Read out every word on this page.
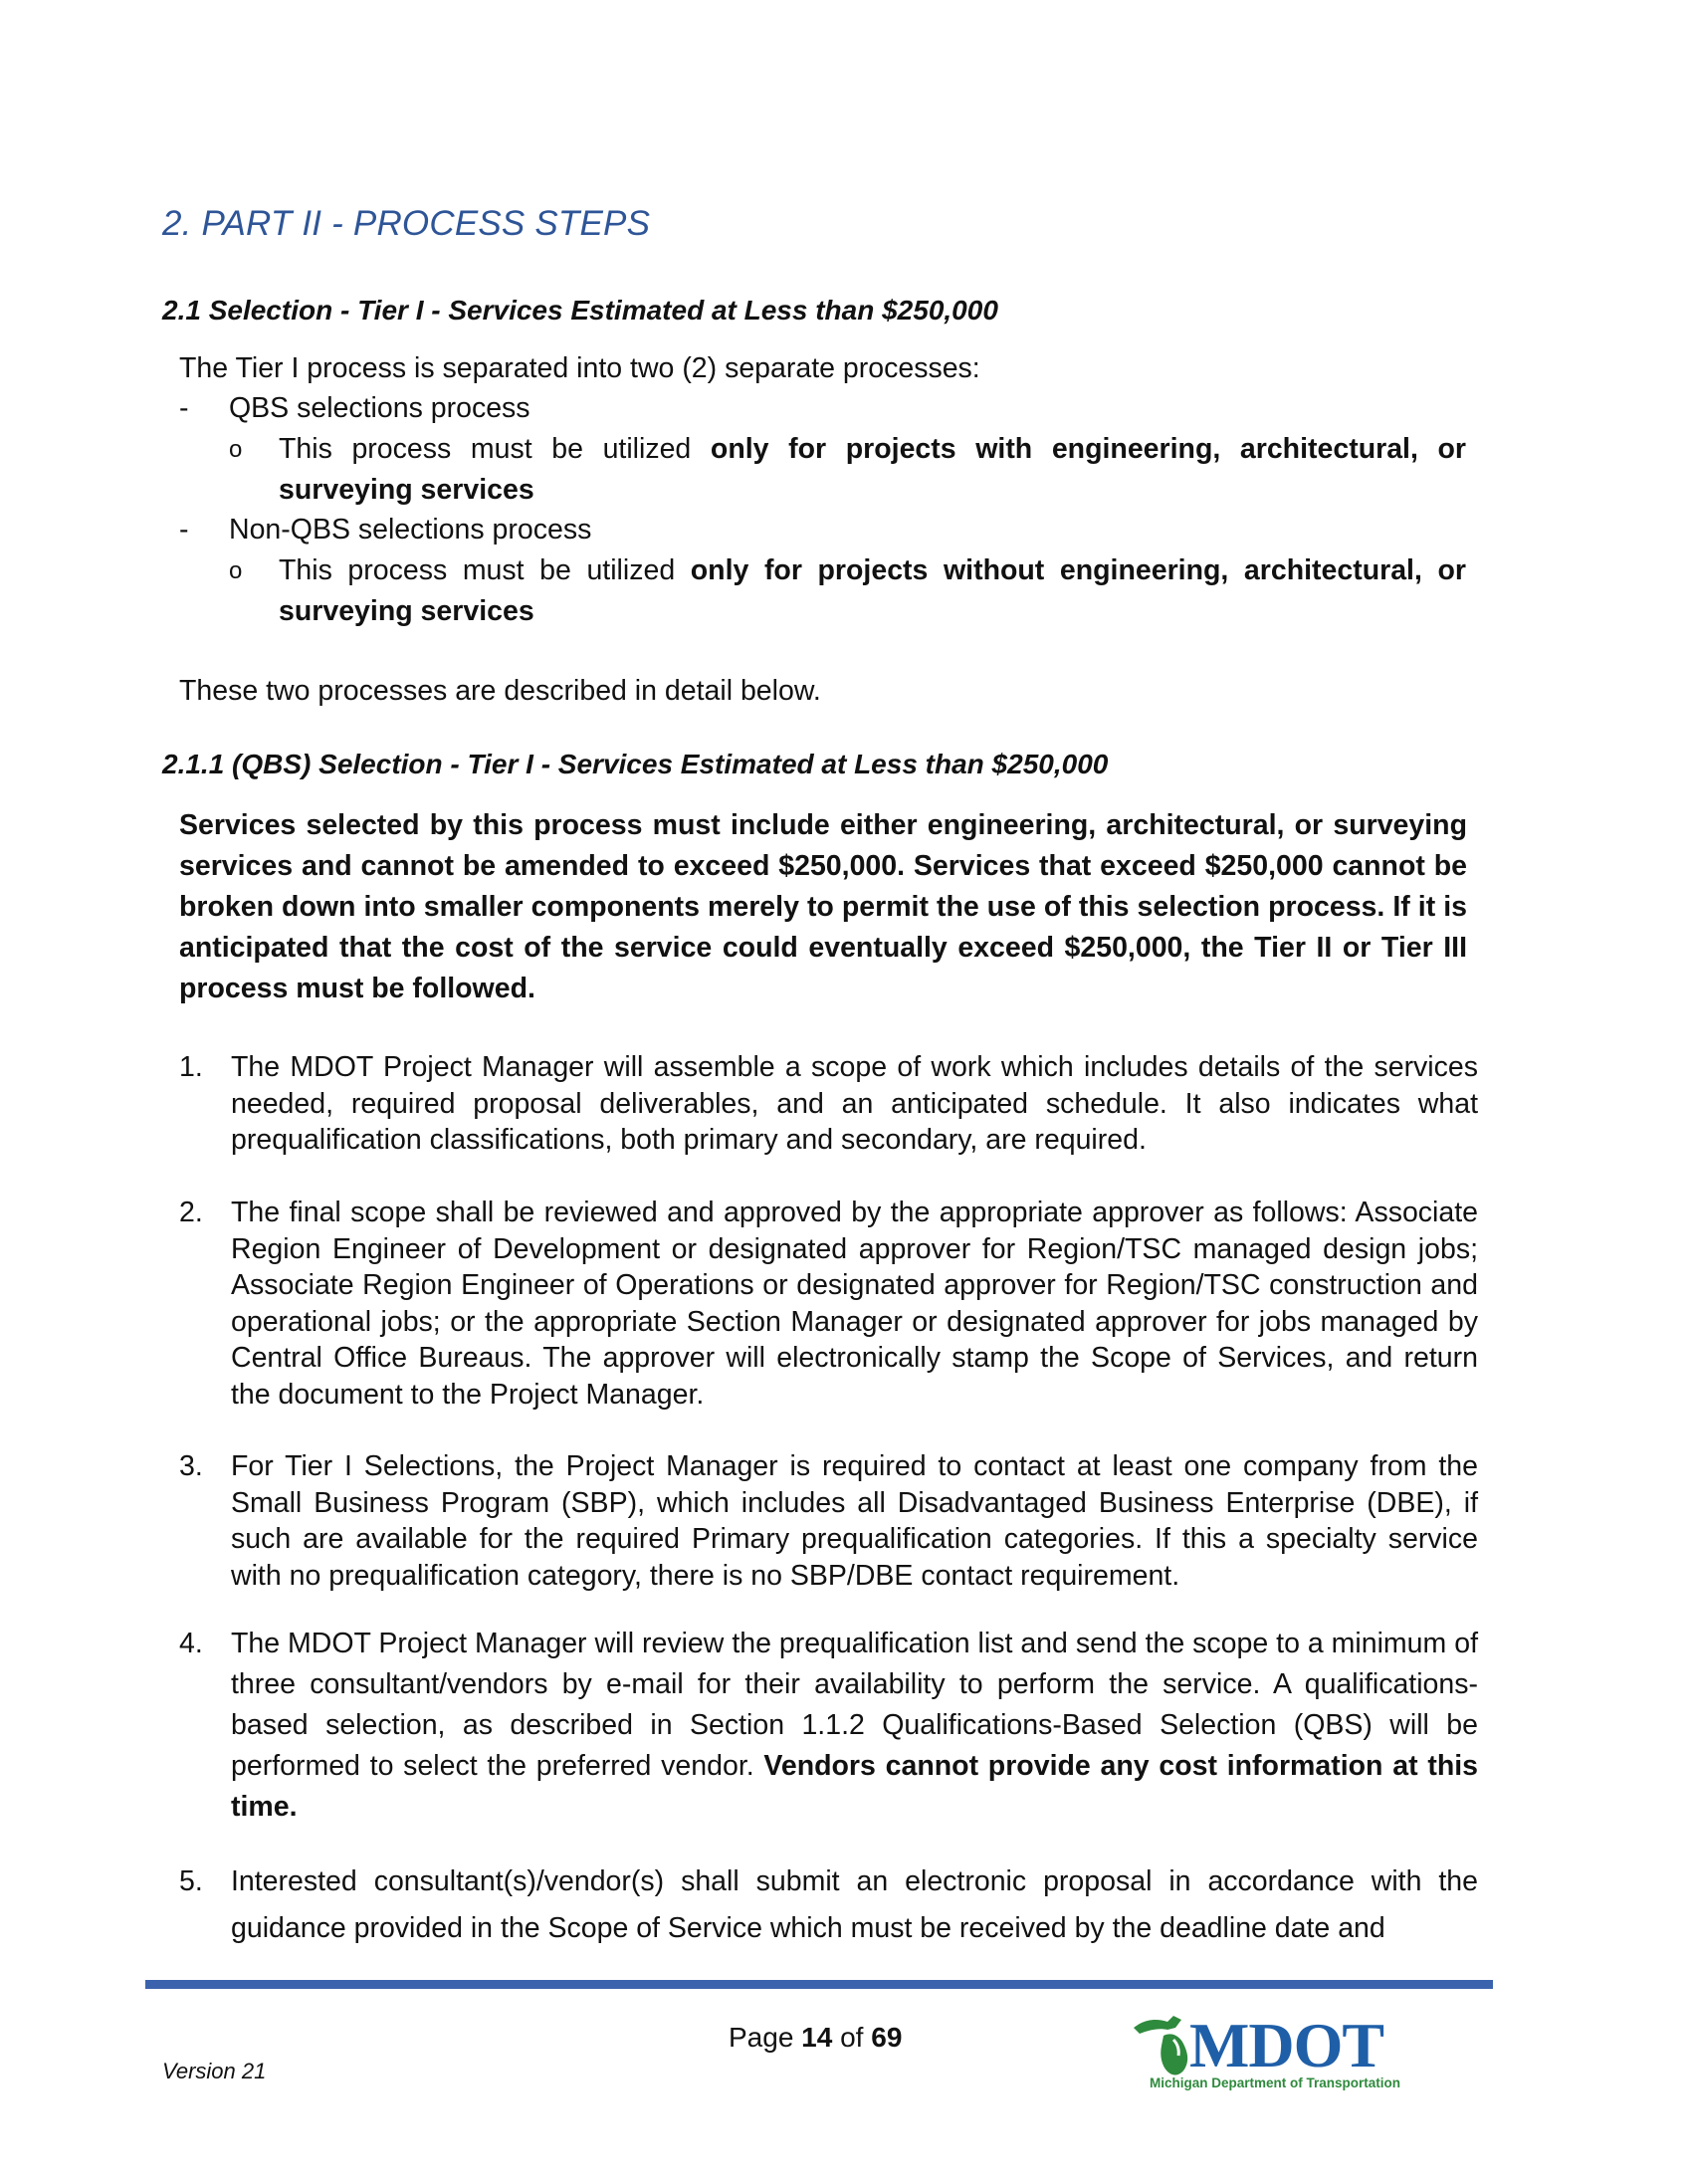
2. PART II - PROCESS STEPS
2.1 Selection - Tier I - Services Estimated at Less than $250,000
The Tier I process is separated into two (2) separate processes:
- QBS selections process
o This process must be utilized only for projects with engineering, architectural, or surveying services
- Non-QBS selections process
o This process must be utilized only for projects without engineering, architectural, or surveying services
These two processes are described in detail below.
2.1.1 (QBS) Selection - Tier I - Services Estimated at Less than $250,000
Services selected by this process must include either engineering, architectural, or surveying services and cannot be amended to exceed $250,000. Services that exceed $250,000 cannot be broken down into smaller components merely to permit the use of this selection process. If it is anticipated that the cost of the service could eventually exceed $250,000, the Tier II or Tier III process must be followed.
1. The MDOT Project Manager will assemble a scope of work which includes details of the services needed, required proposal deliverables, and an anticipated schedule. It also indicates what prequalification classifications, both primary and secondary, are required.
2. The final scope shall be reviewed and approved by the appropriate approver as follows: Associate Region Engineer of Development or designated approver for Region/TSC managed design jobs; Associate Region Engineer of Operations or designated approver for Region/TSC construction and operational jobs; or the appropriate Section Manager or designated approver for jobs managed by Central Office Bureaus. The approver will electronically stamp the Scope of Services, and return the document to the Project Manager.
3. For Tier I Selections, the Project Manager is required to contact at least one company from the Small Business Program (SBP), which includes all Disadvantaged Business Enterprise (DBE), if such are available for the required Primary prequalification categories. If this a specialty service with no prequalification category, there is no SBP/DBE contact requirement.
4. The MDOT Project Manager will review the prequalification list and send the scope to a minimum of three consultant/vendors by e-mail for their availability to perform the service. A qualifications-based selection, as described in Section 1.1.2 Qualifications-Based Selection (QBS) will be performed to select the preferred vendor. Vendors cannot provide any cost information at this time.
5. Interested consultant(s)/vendor(s) shall submit an electronic proposal in accordance with the guidance provided in the Scope of Service which must be received by the deadline date and
Page 14 of 69
Version 21	MDOT
Michigan Department of Transportation
